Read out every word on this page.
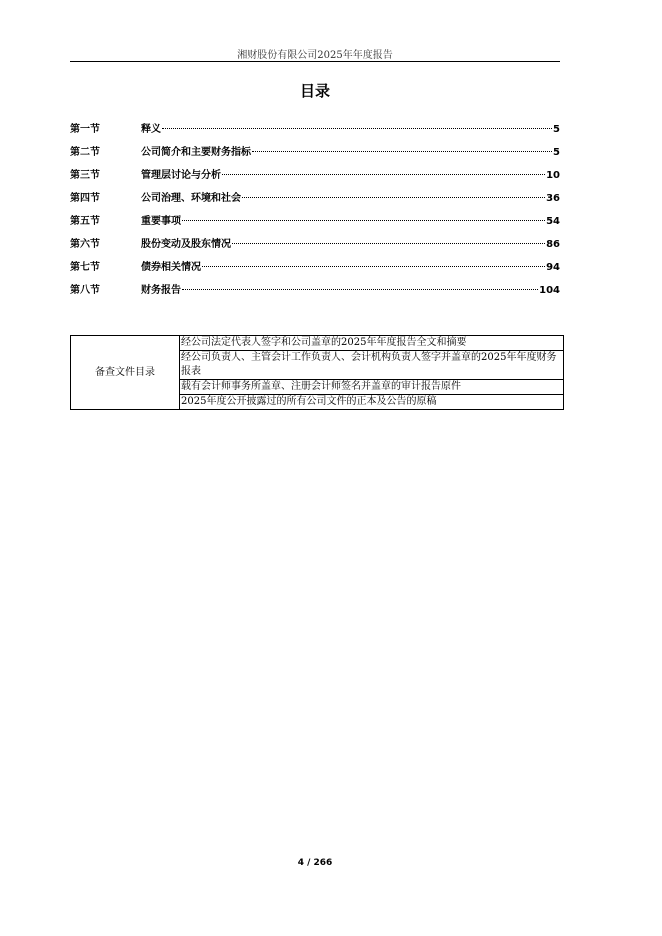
湘财股份有限公司2025年年度报告
目录
第一节	释义	5
第二节	公司简介和主要财务指标	5
第三节	管理层讨论与分析	10
第四节	公司治理、环境和社会	36
第五节	重要事项	54
第六节	股份变动及股东情况	86
第七节	债券相关情况	94
第八节	财务报告	104
备查文件目录	经公司法定代表人签字和公司盖章的2025年年度报告全文和摘要
经公司负责人、主管会计工作负责人、会计机构负责人签字并盖章的2025年年度财务报表
载有会计师事务所盖章、注册会计师签名并盖章的审计报告原件
2025年度公开披露过的所有公司文件的正本及公告的原稿
4 / 266
